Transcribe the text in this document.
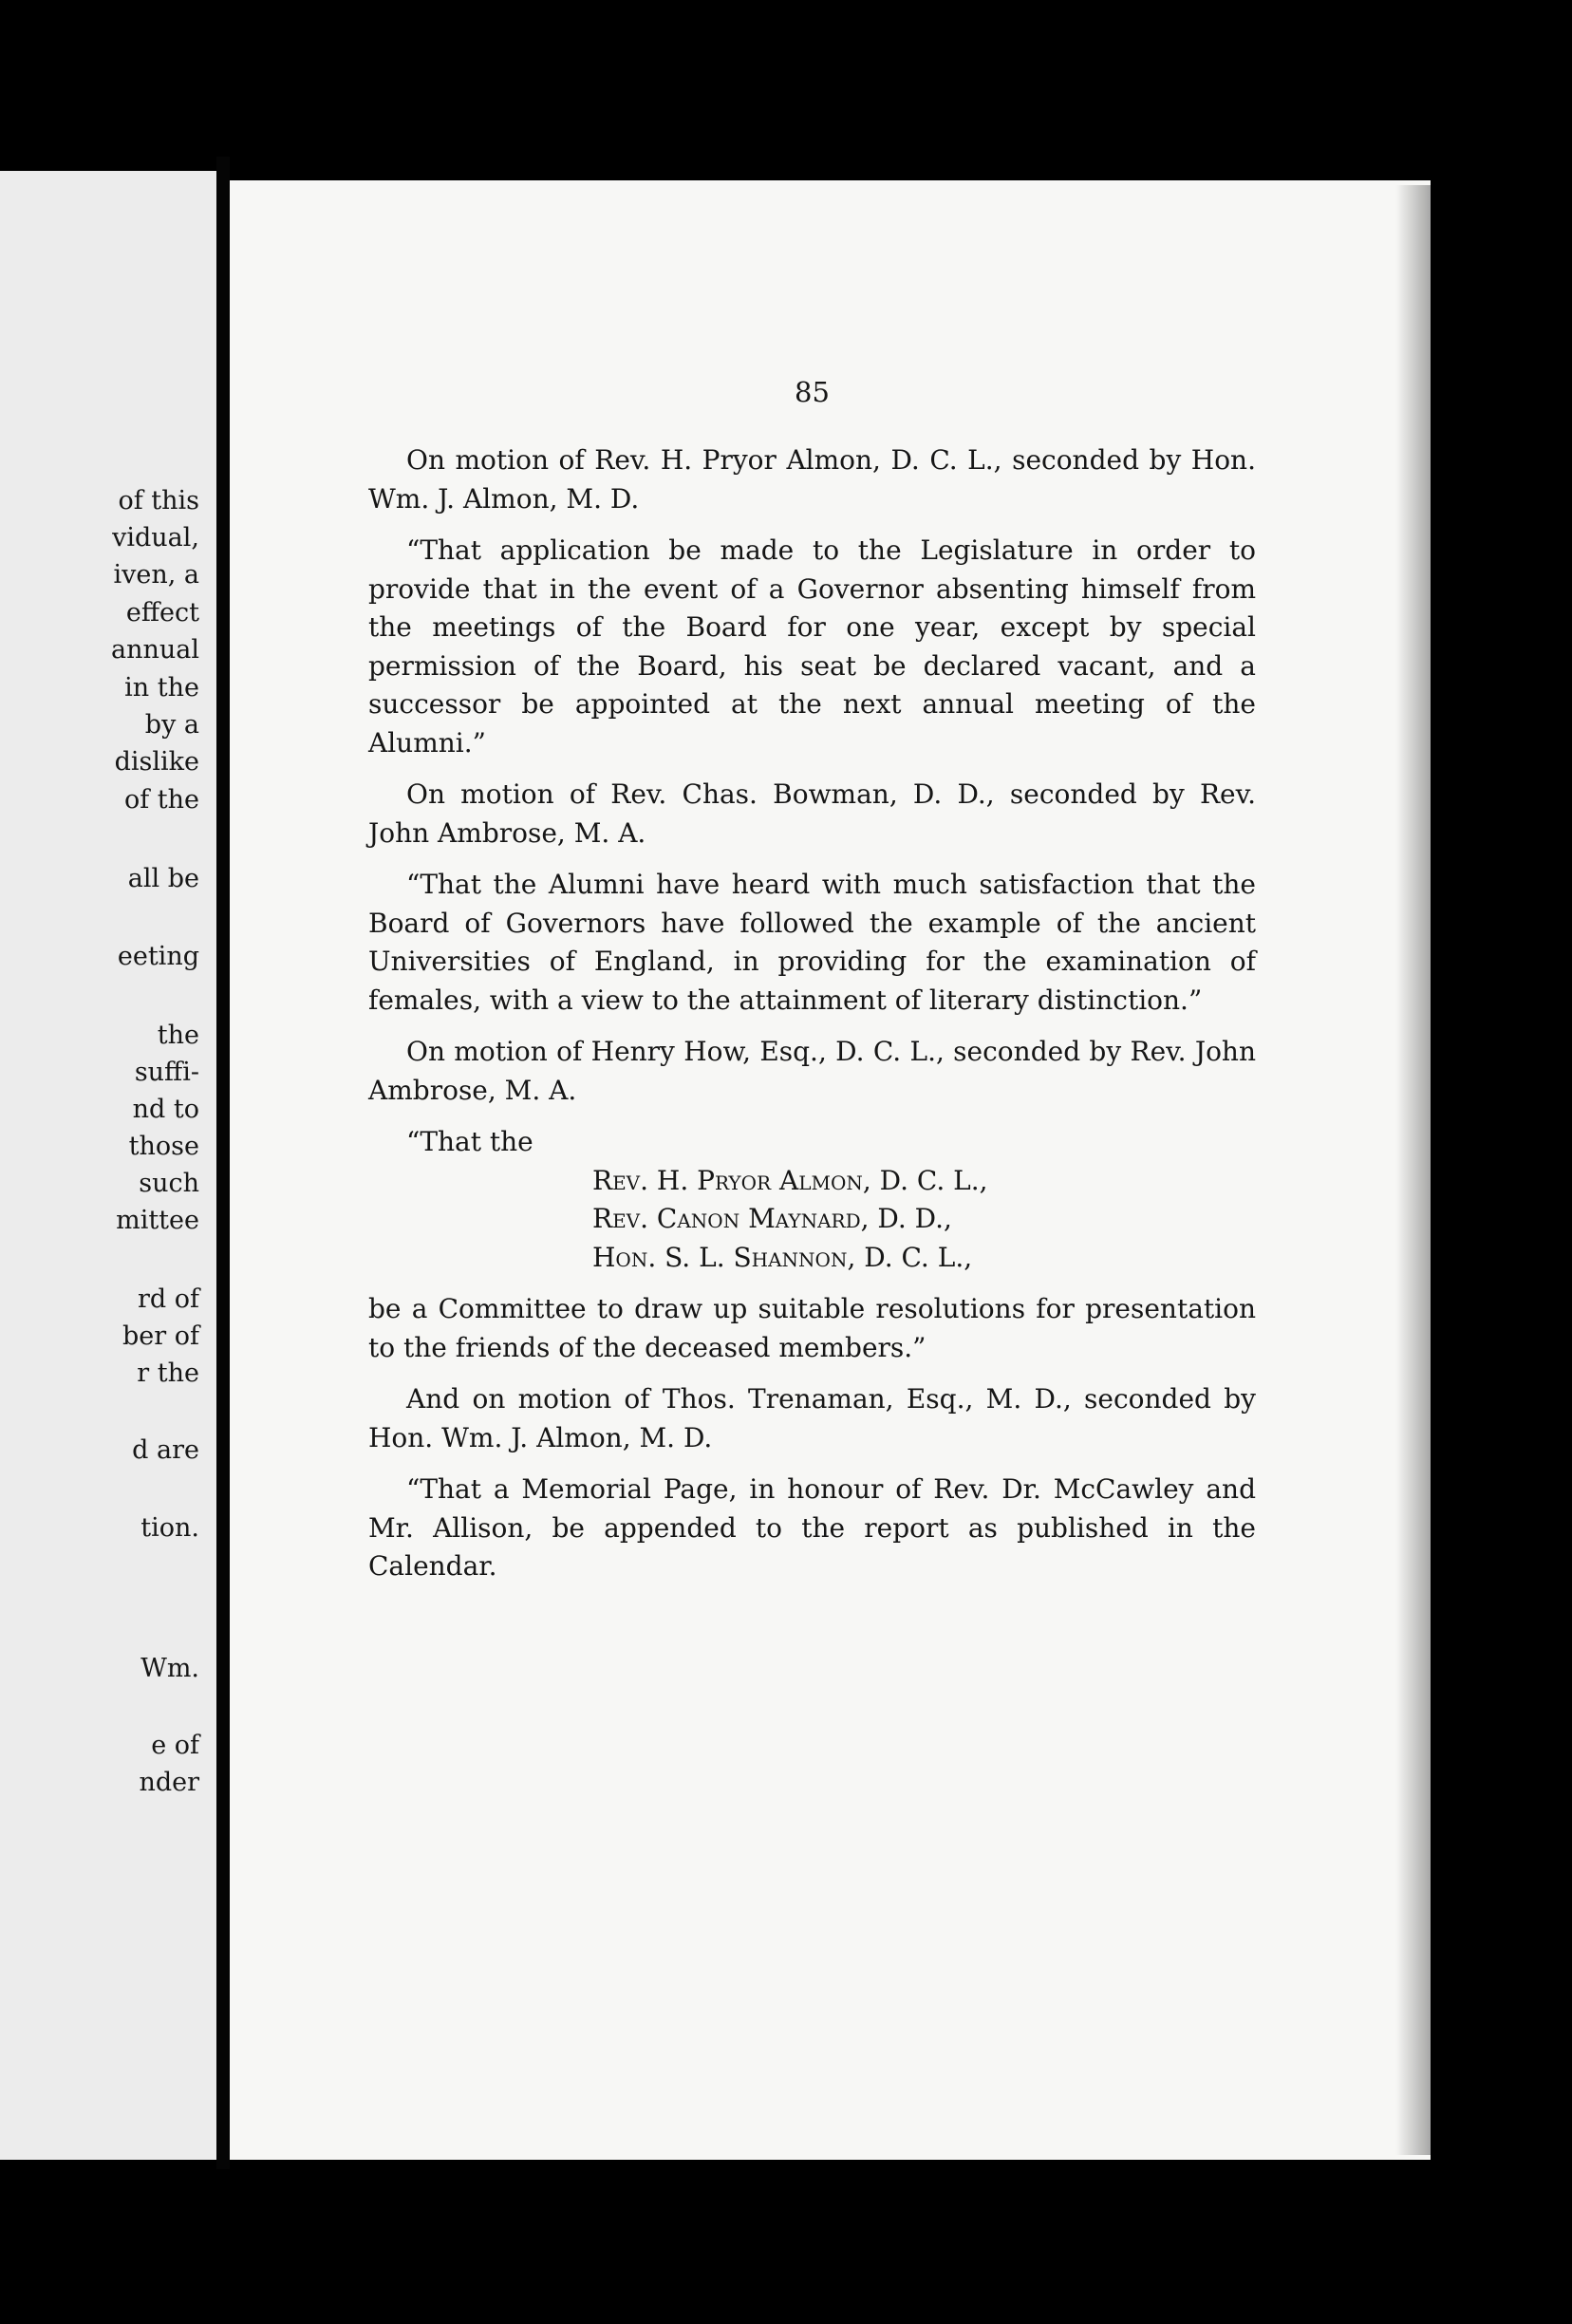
of this
vidual,
iven, a
effect
annual
in the
by a
dislike
of the
all be
eeting
the
suffi-
nd to
those
such
mittee
rd of
ber of
r the
d are
tion.
Wm.
e of
nder
85

On motion of Rev. H. Pryor Almon, D. C. L., seconded by Hon. Wm. J. Almon, M. D.

“That application be made to the Legislature in order to provide that in the event of a Governor absenting himself from the meetings of the Board for one year, except by special permission of the Board, his seat be declared vacant, and a successor be appointed at the next annual meeting of the Alumni.”

On motion of Rev. Chas. Bowman, D. D., seconded by Rev. John Ambrose, M. A.

“That the Alumni have heard with much satisfaction that the Board of Governors have followed the example of the ancient Universities of England, in providing for the examination of females, with a view to the attainment of literary distinction.”

On motion of Henry How, Esq., D. C. L., seconded by Rev. John Ambrose, M. A.

“That the

Rev. H. Pryor Almon, D. C. L.,
Rev. Canon Maynard, D. D.,
Hon. S. L. Shannon, D. C. L.,

be a Committee to draw up suitable resolutions for presentation to the friends of the deceased members.”

And on motion of Thos. Trenaman, Esq., M. D., seconded by Hon. Wm. J. Almon, M. D.

“That a Memorial Page, in honour of Rev. Dr. McCawley and Mr. Allison, be appended to the report as published in the Calendar.
